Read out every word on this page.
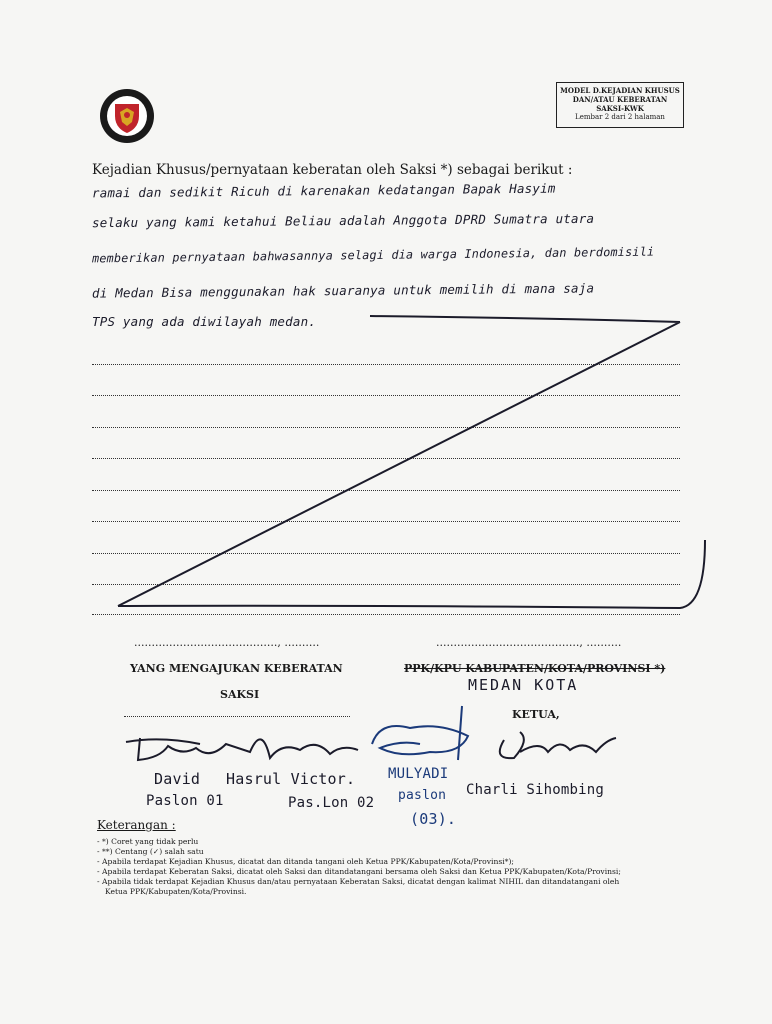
MODEL D.KEJADIAN KHUSUS
DAN/ATAU KEBERATAN
SAKSI-KWK
Lembar 2 dari 2 halaman
Kejadian Khusus/pernyataan keberatan oleh Saksi *) sebagai berikut :
ramai dan sedikit Ricuh di karenakan kedatangan Bapak Hasyim
selaku yang kami ketahui Beliau adalah Anggota DPRD Sumatra utara
memberikan pernyataan bahwasannya selagi dia warga Indonesia, dan berdomisili
di Medan Bisa menggunakan hak suaranya untuk memilih di mana saja
TPS yang ada diwilayah medan.
........................................., ..........
YANG MENGAJUKAN KEBERATAN
SAKSI
........................................., ..........
PPK/KPU KABUPATEN/KOTA/PROVINSI *)
MEDAN KOTA
KETUA,
David
Paslon 01
Hasrul Victor.
Pas.Lon 02
MULYADI
paslon
(03).
Charli Sihombing
Keterangan :
- *) Coret yang tidak perlu
- **) Centang (✓) salah satu
- Apabila terdapat Kejadian Khusus, dicatat dan ditanda tangani oleh Ketua PPK/Kabupaten/Kota/Provinsi*);
- Apabila terdapat Keberatan Saksi, dicatat oleh Saksi dan ditandatangani bersama oleh Saksi dan Ketua PPK/Kabupaten/Kota/Provinsi;
- Apabila tidak terdapat Kejadian Khusus dan/atau pernyataan Keberatan Saksi, dicatat dengan kalimat NIHIL dan ditandatangani oleh
Ketua PPK/Kabupaten/Kota/Provinsi.
